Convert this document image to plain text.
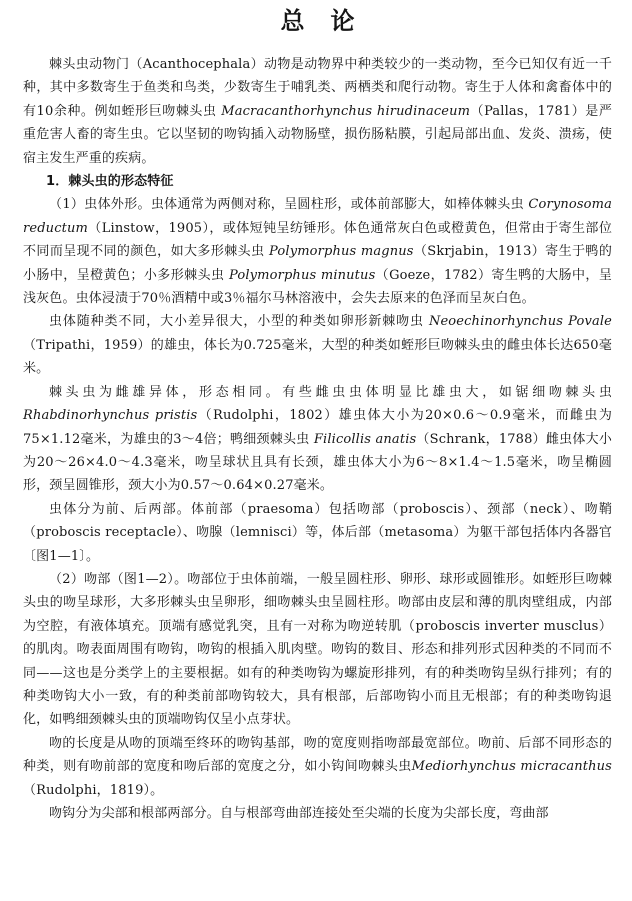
总论

棘头虫动物门（Acanthocephala）动物是动物界中种类较少的一类动物，至今已知仅有近一千种，其中多数寄生于鱼类和鸟类，少数寄生于哺乳类、两栖类和爬行动物。寄生于人体和禽畜体中的有10余种。例如蛭形巨吻棘头虫 Macracanthorhynchus hirudinaceum（Pallas，1781）是严重危害人畜的寄生虫。它以坚韧的吻钩插入动物肠壁，损伤肠粘膜，引起局部出血、发炎、溃疡，使宿主发生严重的疾病。

1．棘头虫的形态特征

（1）虫体外形。虫体通常为两侧对称，呈圆柱形，或体前部膨大，如棒体棘头虫 Corynosoma reductum（Linstow，1905），或体短钝呈纺锤形。体色通常灰白色或橙黄色，但常由于寄生部位不同而呈现不同的颜色，如大多形棘头虫 Polymorphus magnus（Skrjabin，1913）寄生于鸭的小肠中，呈橙黄色；小多形棘头虫 Polymorphus minutus（Goeze，1782）寄生鸭的大肠中，呈浅灰色。虫体浸渍于70％酒精中或3％福尔马林溶液中，会失去原来的色泽而呈灰白色。

虫体随种类不同，大小差异很大，小型的种类如卵形新棘吻虫 Neoechinorhynchus Povale（Tripathi，1959）的雄虫，体长为0.725毫米，大型的种类如蛭形巨吻棘头虫的雌虫体长达650毫米。

棘头虫为雌雄异体，形态相同。有些雌虫虫体明显比雄虫大，如锯细吻棘头虫Rhabdinorhynchus pristis（Rudolphi，1802）雄虫体大小为20×0.6～0.9毫米，而雌虫为75×1.12毫米，为雄虫的3～4倍；鸭细颈棘头虫 Filicollis anatis（Schrank，1788）雌虫体大小为20～26×4.0～4.3毫米，吻呈球状且具有长颈，雄虫体大小为6～8×1.4～1.5毫米，吻呈椭圆形，颈呈圆锥形，颈大小为0.57～0.64×0.27毫米。

虫体分为前、后两部。体前部（praesoma）包括吻部（proboscis）、颈部（neck）、吻鞘（proboscis receptacle）、吻腺（lemnisci）等，体后部（metasoma）为躯干部包括体内各器官〔图1—1〕。

（2）吻部（图1—2）。吻部位于虫体前端，一般呈圆柱形、卵形、球形或圆锥形。如蛭形巨吻棘头虫的吻呈球形，大多形棘头虫呈卵形，细吻棘头虫呈圆柱形。吻部由皮层和薄的肌肉壁组成，内部为空腔，有液体填充。顶端有感觉乳突，且有一对称为吻逆转肌（proboscis inverter musclus）的肌肉。吻表面周围有吻钩，吻钩的根插入肌肉壁。吻钩的数目、形态和排列形式因种类的不同而不同——这也是分类学上的主要根据。如有的种类吻钩为螺旋形排列，有的种类吻钩呈纵行排列；有的种类吻钩大小一致，有的种类前部吻钩较大，具有根部，后部吻钩小而且无根部；有的种类吻钩退化，如鸭细颈棘头虫的顶端吻钩仅呈小点芽状。

吻的长度是从吻的顶端至终环的吻钩基部，吻的宽度则指吻部最宽部位。吻前、后部不同形态的种类，则有吻前部的宽度和吻后部的宽度之分，如小钩间吻棘头虫Mediorhynchus micracanthus（Rudolphi，1819）。

吻钩分为尖部和根部两部分。自与根部弯曲部连接处至尖端的长度为尖部长度，弯曲部
